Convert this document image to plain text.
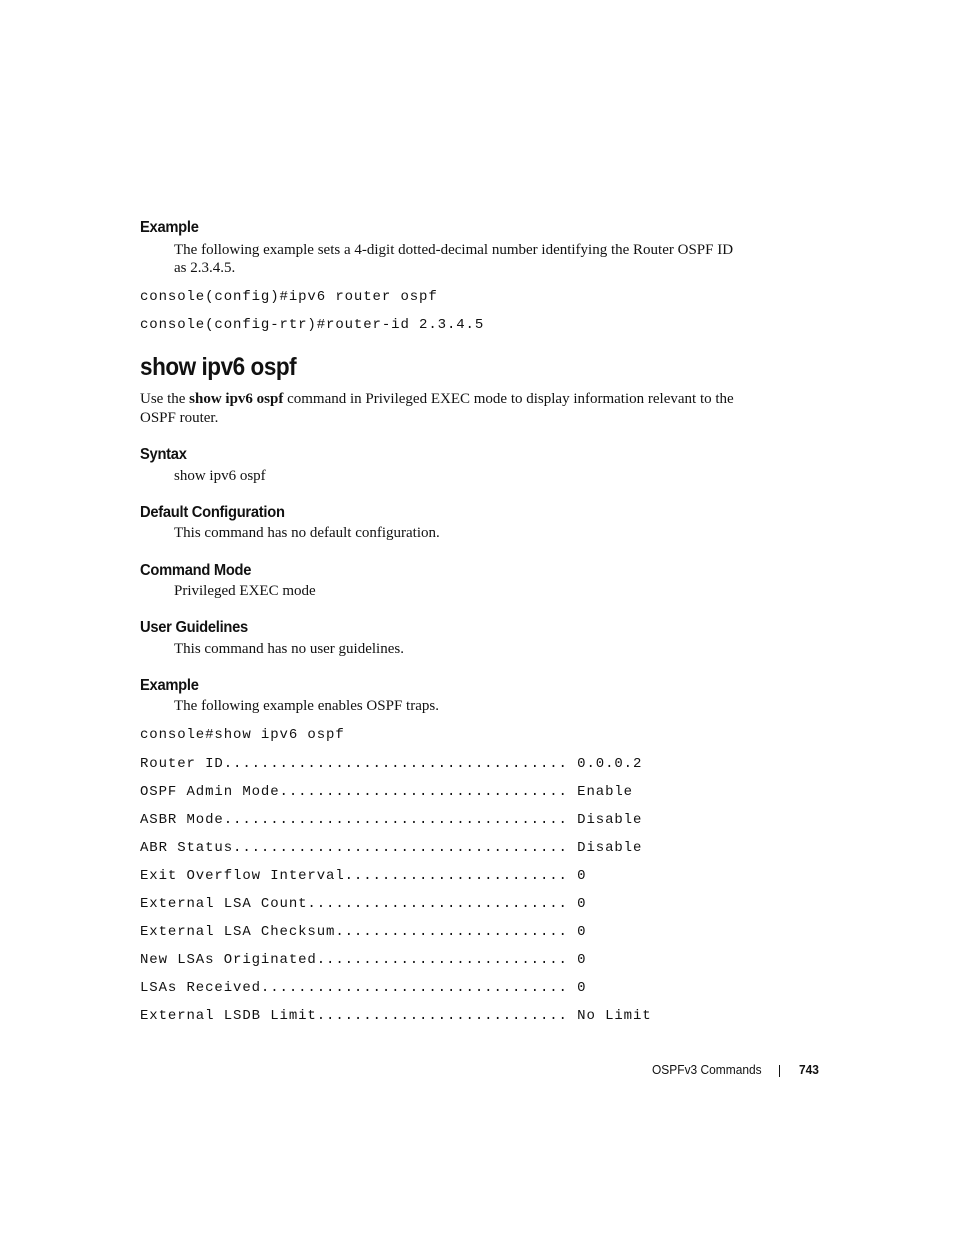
Example
The following example sets a 4-digit dotted-decimal number identifying the Router OSPF ID
as 2.3.4.5.
console(config)#ipv6 router ospf
console(config-rtr)#router-id 2.3.4.5
show ipv6 ospf
Use the show ipv6 ospf command in Privileged EXEC mode to display information relevant to the
OSPF router.
Syntax
show ipv6 ospf
Default Configuration
This command has no default configuration.
Command Mode
Privileged EXEC mode
User Guidelines
This command has no user guidelines.
Example
The following example enables OSPF traps.
console#show ipv6 ospf
Router ID..................................... 0.0.0.2
OSPF Admin Mode............................... Enable
ASBR Mode..................................... Disable
ABR Status.................................... Disable
Exit Overflow Interval........................ 0
External LSA Count............................ 0
External LSA Checksum......................... 0
New LSAs Originated........................... 0
LSAs Received................................. 0
External LSDB Limit........................... No Limit
OSPFv3 Commands	743
